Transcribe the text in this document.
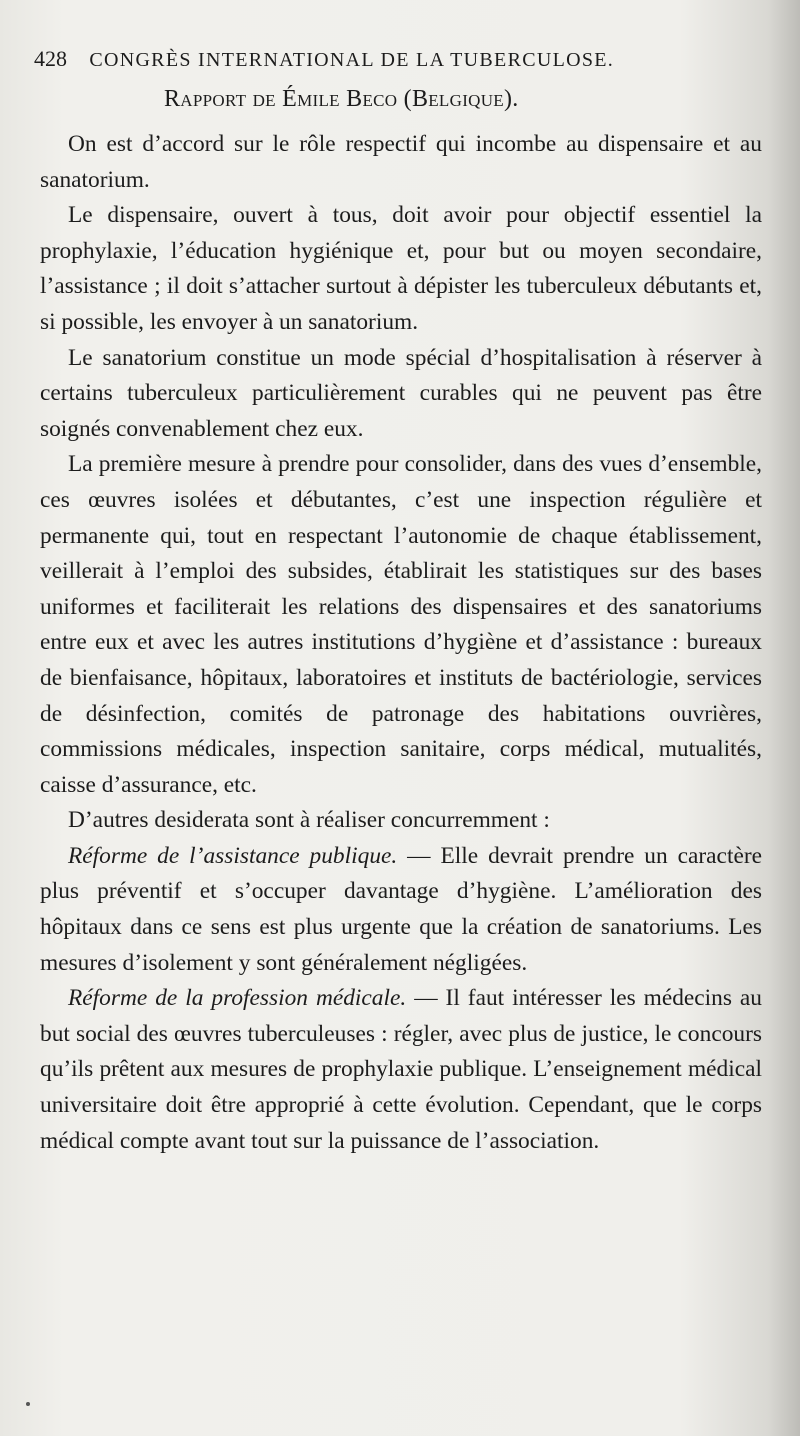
428 CONGRÈS INTERNATIONAL DE LA TUBERCULOSE.
Rapport de Émile Beco (Belgique).

On est d’accord sur le rôle respectif qui incombe au dispensaire et au sanatorium.

Le dispensaire, ouvert à tous, doit avoir pour objectif essentiel la prophylaxie, l’éducation hygiénique et, pour but ou moyen secondaire, l’assistance ; il doit s’attacher surtout à dépister les tuberculeux débutants et, si possible, les envoyer à un sanatorium.

Le sanatorium constitue un mode spécial d’hospitalisation à réserver à certains tuberculeux particulièrement curables qui ne peuvent pas être soignés convenablement chez eux.

La première mesure à prendre pour consolider, dans des vues d’ensemble, ces œuvres isolées et débutantes, c’est une inspection régulière et permanente qui, tout en respectant l’autonomie de chaque établissement, veillerait à l’emploi des subsides, établirait les statistiques sur des bases uniformes et faciliterait les relations des dispensaires et des sanatoriums entre eux et avec les autres institutions d’hygiène et d’assistance : bureaux de bienfaisance, hôpitaux, laboratoires et instituts de bactériologie, services de désinfection, comités de patronage des habitations ouvrières, commissions médicales, inspection sanitaire, corps médical, mutualités, caisse d’assurance, etc.

D’autres desiderata sont à réaliser concurremment :

Réforme de l’assistance publique. — Elle devrait prendre un caractère plus préventif et s’occuper davantage d’hygiène. L’amélioration des hôpitaux dans ce sens est plus urgente que la création de sanatoriums. Les mesures d’isolement y sont généralement négligées.

Réforme de la profession médicale. — Il faut intéresser les médecins au but social des œuvres tuberculeuses : régler, avec plus de justice, le concours qu’ils prêtent aux mesures de prophylaxie publique. L’enseignement médical universitaire doit être approprié à cette évolution. Cependant, que le corps médical compte avant tout sur la puissance de l’association.
